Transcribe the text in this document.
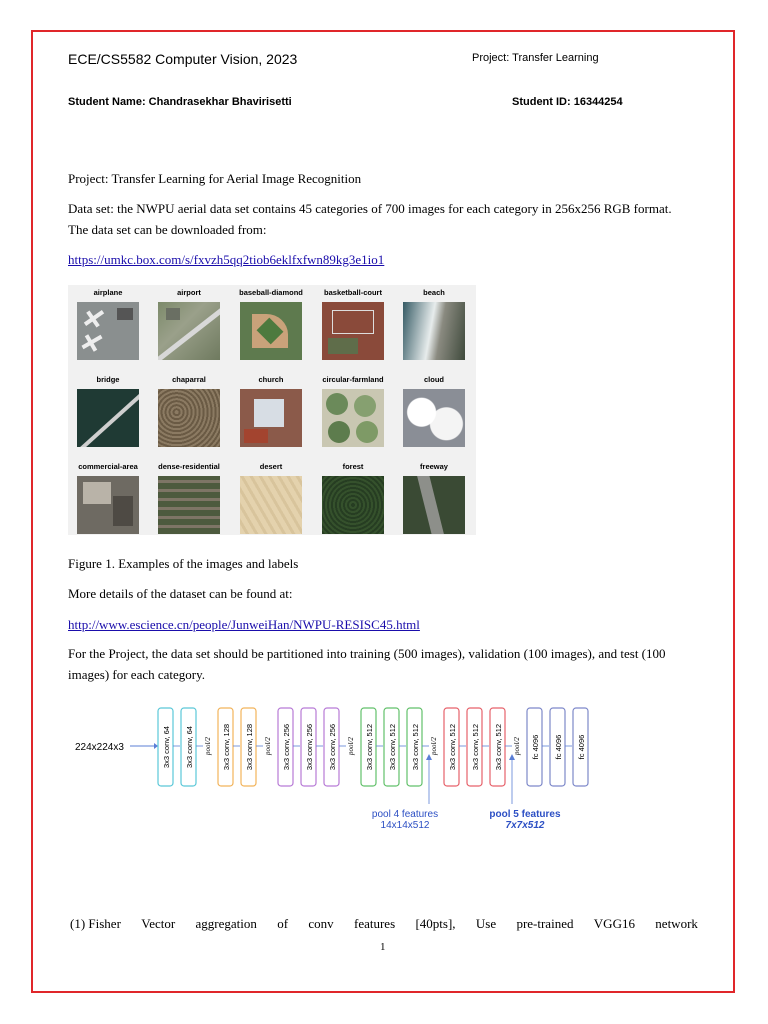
ECE/CS5582 Computer Vision, 2023	Project: Transfer Learning
Student Name: Chandrasekhar Bhavirisetti	Student ID: 16344254
Project: Transfer Learning for Aerial Image Recognition
Data set: the NWPU aerial data set contains 45 categories of 700 images for each category in 256x256 RGB format.
The data set can be downloaded from:
https://umkc.box.com/s/fxvzh5qq2tiob6eklfxfwn89kg3e1io1
airplane	airport	baseball-diamond	basketball-court	beach
bridge	chaparral	church	circular-farmland	cloud
commercial-area	dense-residential	desert	forest	freeway
Figure 1. Examples of the images and labels
More details of the dataset can be found at:
http://www.escience.cn/people/JunweiHan/NWPU-RESISC45.html
For the Project, the data set should be partitioned into training (500 images), validation (100 images), and test (100
images) for each category.
224x224x3	3x3 conv, 64 3x3 conv, 64 pool/2 3x3 conv, 128 3x3 conv, 128 pool/2 3x3 conv, 256 3x3 conv, 256 3x3 conv, 256 pool/2 3x3 conv, 512 3x3 conv, 512 3x3 conv, 512 pool/2 3x3 conv, 512 3x3 conv, 512 3x3 conv, 512 pool/2 fc 4096 fc 4096 fc 4096
pool 4 features
14x14x512
pool 5 features
7x7x512
(1) Fisher Vector aggregation of conv features [40pts], Use pre-trained VGG16 network
1
